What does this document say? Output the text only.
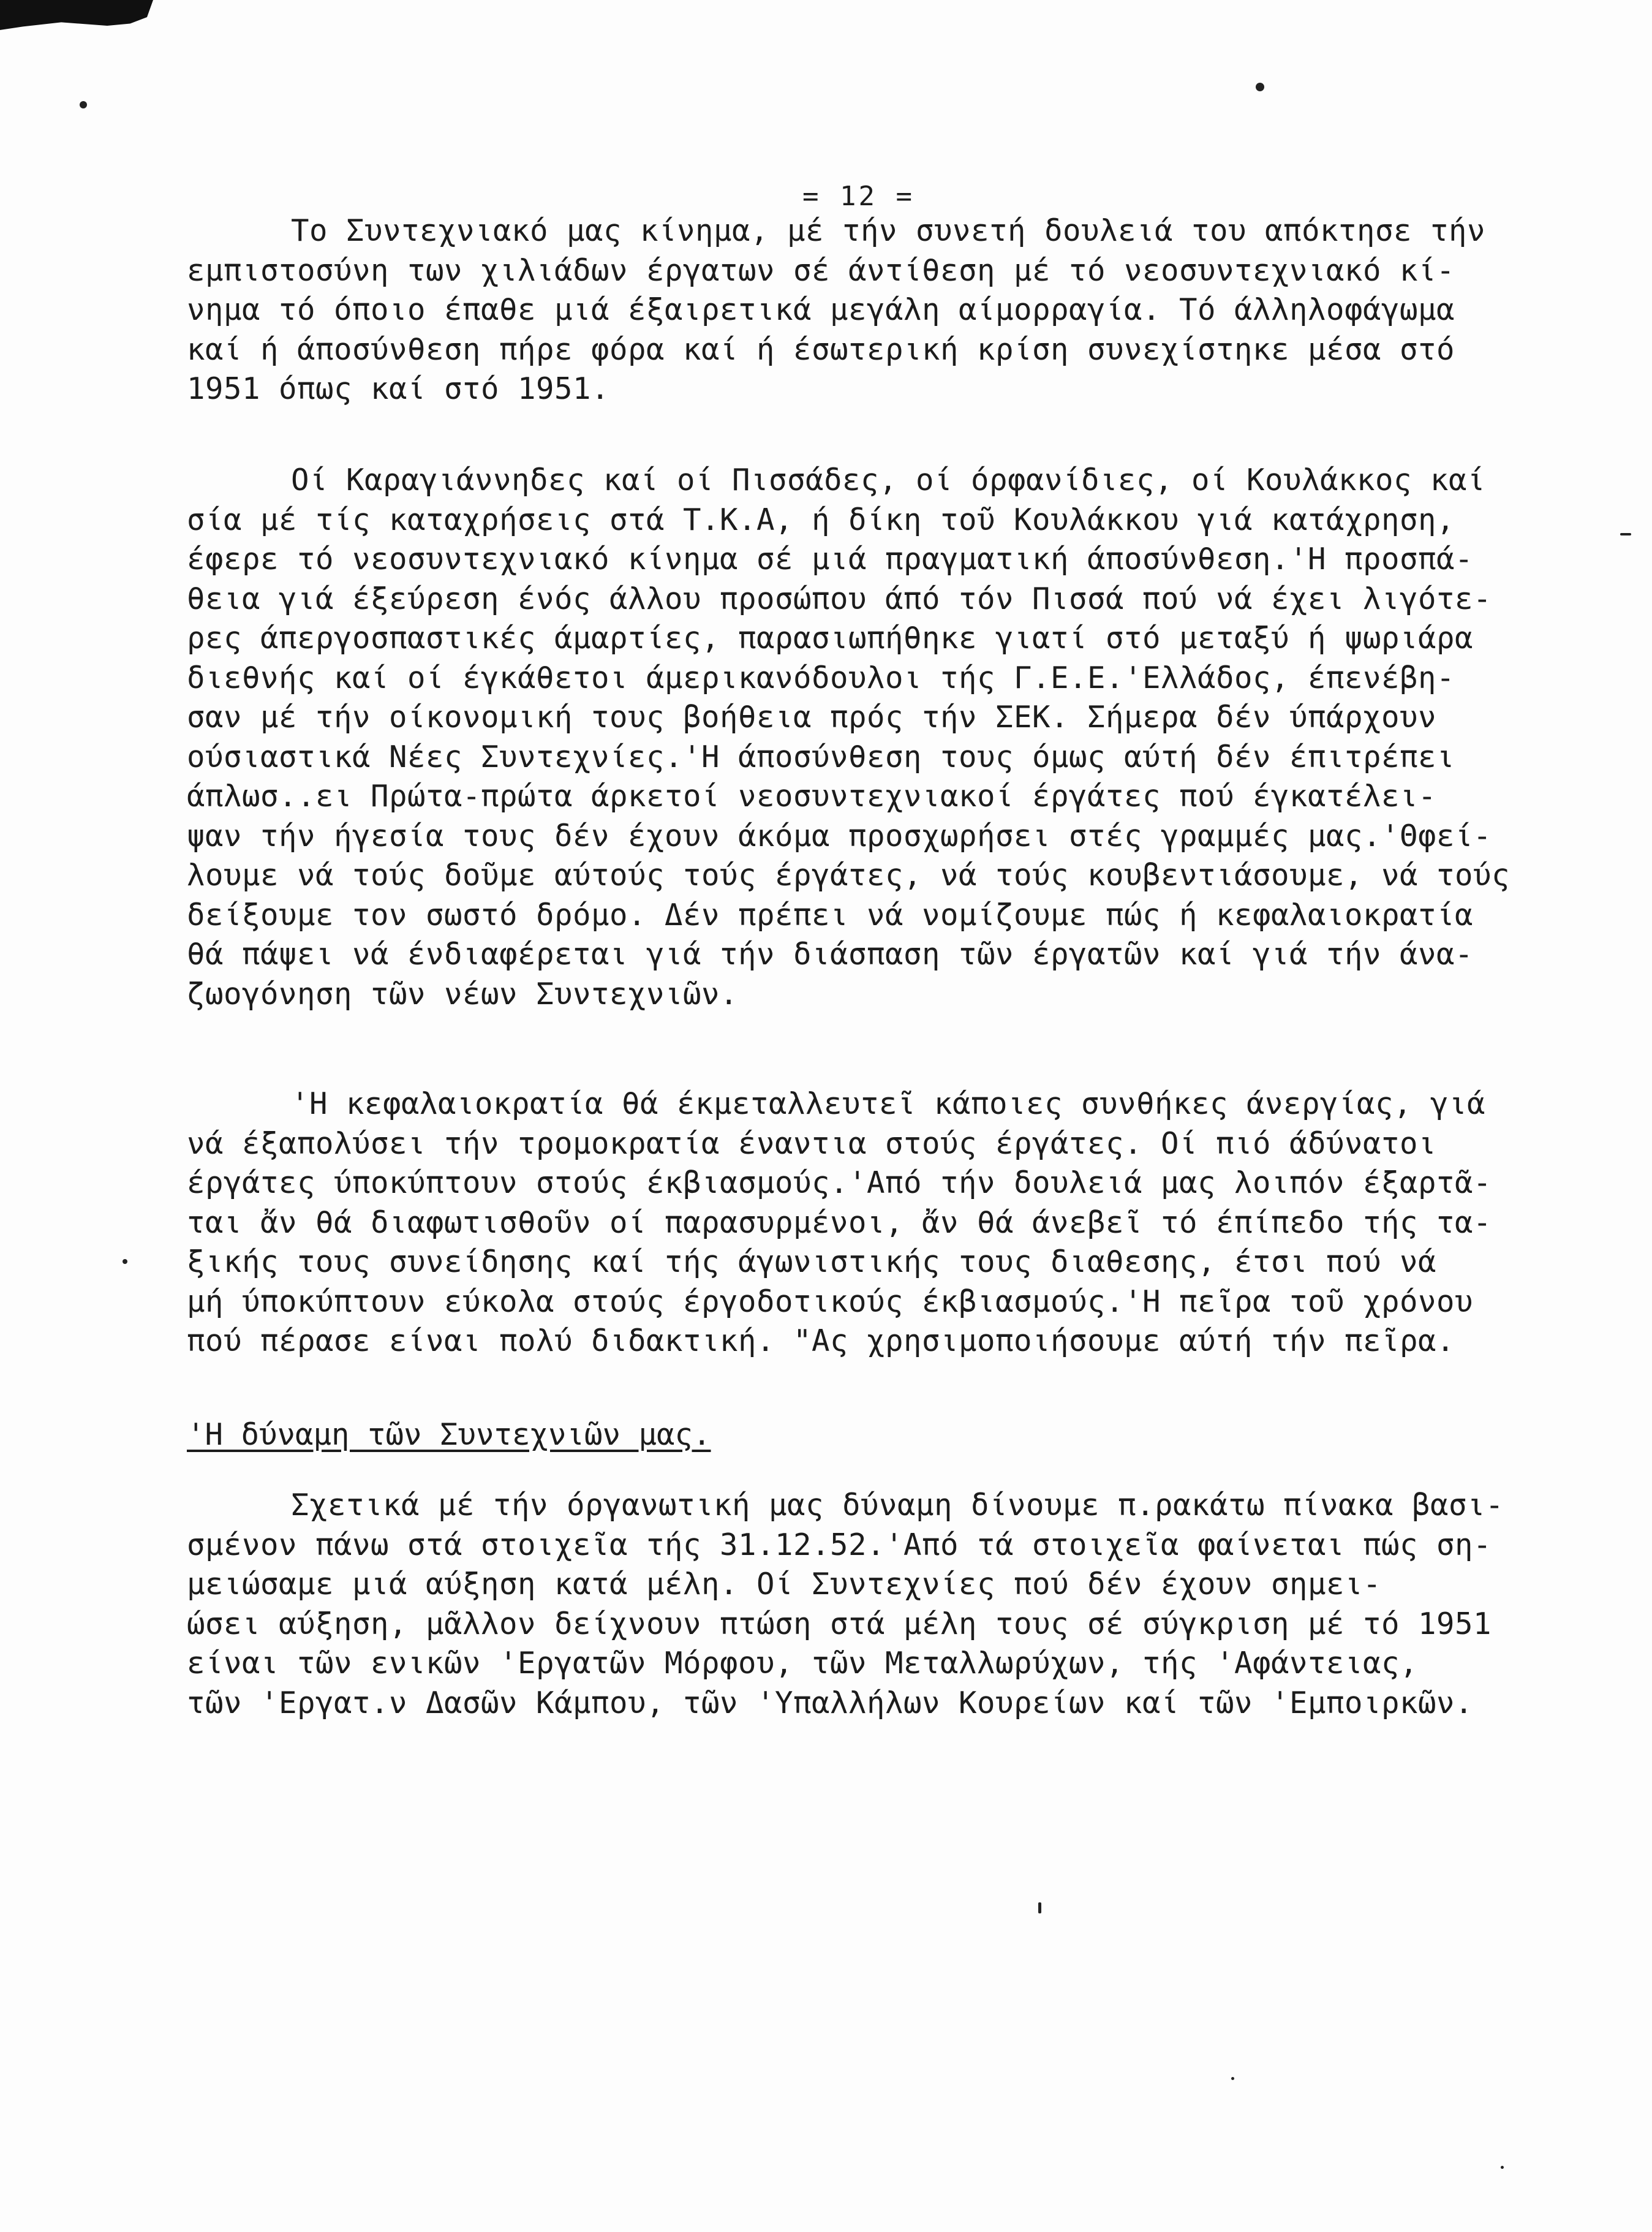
= 12 =
Το Συντεχνιακό μας κίνημα, μέ τήν συνετή δουλειά του απόκτησε τήν
εμπιστοσύνη των χιλιάδων έργατων σέ άντίθεση μέ τό νεοσυντεχνιακό κί-
νημα τό όποιο έπαθε μιά έξαιρετικά μεγάλη αίμορραγία. Τό άλληλοφάγωμα
καί ή άποσύνθεση πήρε φόρα καί ή έσωτερική κρίση συνεχίστηκε μέσα στό
1951 όπως καί στό 1951.
Οί Καραγιάννηδες καί οί Πισσάδες, οί όρφανίδιες, οί Κουλάκκος καί
σία μέ τίς καταχρήσεις στά Τ.Κ.Α, ή δίκη τοῦ Κουλάκκου γιά κατάχρηση,
έφερε τό νεοσυντεχνιακό κίνημα σέ μιά πραγματική άποσύνθεση.'Η προσπά-
θεια γιά έξεύρεση ένός άλλου προσώπου άπό τόν Πισσά πού νά έχει λιγότε-
ρες άπεργοσπαστικές άμαρτίες, παρασιωπήθηκε γιατί στό μεταξύ ή ψωριάρα
διεθνής καί οί έγκάθετοι άμερικανόδουλοι τής Γ.Ε.Ε.'Ελλάδος, έπενέβη-
σαν μέ τήν οίκονομική τους βοήθεια πρός τήν ΣΕΚ. Σήμερα δέν ύπάρχουν
ούσιαστικά Νέες Συντεχνίες.'Η άποσύνθεση τους όμως αύτή δέν έπιτρέπει
άπλωσ..ει Πρώτα-πρώτα άρκετοί νεοσυντεχνιακοί έργάτες πού έγκατέλει-
ψαν τήν ήγεσία τους δέν έχουν άκόμα προσχωρήσει στές γραμμές μας.'Θφεί-
λουμε νά τούς δοῦμε αύτούς τούς έργάτες, νά τούς κουβεντιάσουμε, νά τούς
δείξουμε τον σωστό δρόμο. Δέν πρέπει νά νομίζουμε πώς ή κεφαλαιοκρατία
θά πάψει νά ένδιαφέρεται γιά τήν διάσπαση τῶν έργατῶν καί γιά τήν άνα-
ζωογόνηση τῶν νέων Συντεχνιῶν.
'Η κεφαλαιοκρατία θά έκμεταλλευτεῖ κάποιες συνθήκες άνεργίας, γιά
νά έξαπολύσει τήν τρομοκρατία έναντια στούς έργάτες. Οί πιό άδύνατοι
έργάτες ύποκύπτουν στούς έκβιασμούς.'Από τήν δουλειά μας λοιπόν έξαρτᾶ-
ται ἄν θά διαφωτισθοῦν οί παρασυρμένοι, ἄν θά άνεβεῖ τό έπίπεδο τής τα-
ξικής τους συνείδησης καί τής άγωνιστικής τους διαθεσης, έτσι πού νά
μή ύποκύπτουν εύκολα στούς έργοδοτικούς έκβιασμούς.'Η πεῖρα τοῦ χρόνου
πού πέρασε είναι πολύ διδακτική. "Ας χρησιμοποιήσουμε αύτή τήν πεῖρα.
'Η δύναμη τῶν Συντεχνιῶν μας.
Σχετικά μέ τήν όργανωτική μας δύναμη δίνουμε π.ρακάτω πίνακα βασι-
σμένον πάνω στά στοιχεῖα τής 31.12.52.'Από τά στοιχεῖα φαίνεται πώς ση-
μειώσαμε μιά αύξηση κατά μέλη. Οί Συντεχνίες πού δέν έχουν σημει-
ώσει αύξηση, μᾶλλον δείχνουν πτώση στά μέλη τους σέ σύγκριση μέ τό 1951
είναι τῶν ενικῶν 'Εργατῶν Μόρφου, τῶν Μεταλλωρύχων, τής 'Αφάντειας,
τῶν 'Εργατ.ν Δασῶν Κάμπου, τῶν 'Υπαλλήλων Κουρείων καί τῶν 'Εμποιρκῶν.
